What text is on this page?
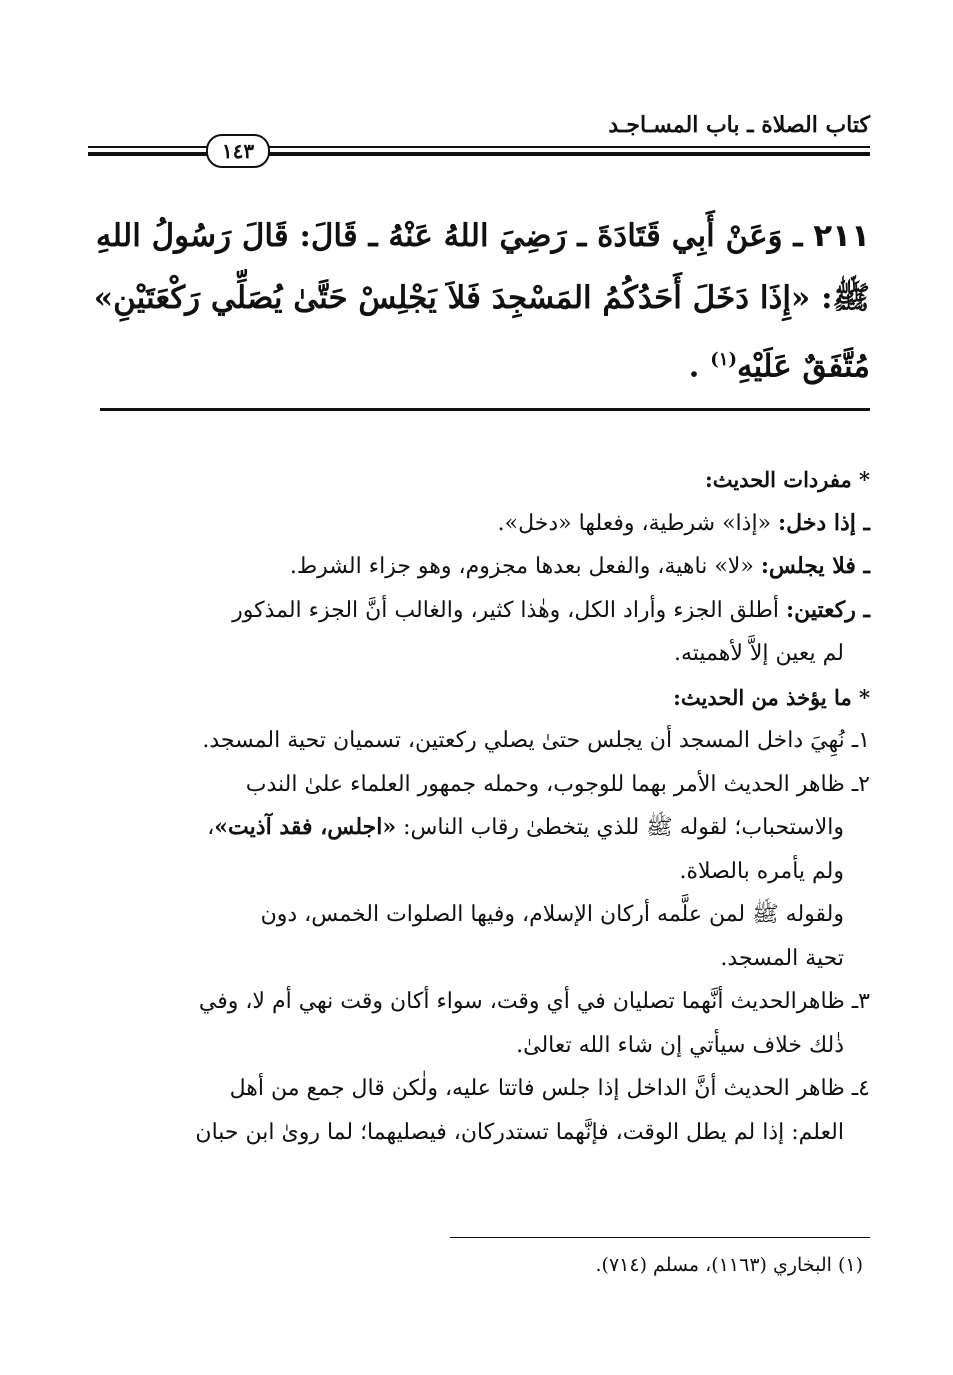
كتاب الصلاة ـ باب المسـاجـد
١٤٣

٢١١ ـ وَعَنْ أَبِي قَتَادَةَ ـ رَضِيَ اللهُ عَنْهُ ـ قَالَ: قَالَ رَسُولُ اللهِ

ﷺ: «إِذَا دَخَلَ أَحَدُكُمُ المَسْجِدَ فَلاَ يَجْلِسْ حَتَّىٰ يُصَلِّي رَكْعَتَيْنِ»

مُتَّفَقٌ عَلَيْهِ$^{(١)}$ .

* مفردات الحديث:

ـ إذا دخل: «إذا» شرطية، وفعلها «دخل».

ـ فلا يجلس: «لا» ناهية، والفعل بعدها مجزوم، وهو جزاء الشرط.

ـ ركعتين: أطلق الجزء وأراد الكل، وهٰذا كثير، والغالب أنَّ الجزء المذكور

لم يعين إلاَّ لأهميته.

* ما يؤخذ من الحديث:

١ـ نُهِيَ داخل المسجد أن يجلس حتىٰ يصلي ركعتين، تسميان تحية المسجد.

٢ـ ظاهر الحديث الأمر بهما للوجوب، وحمله جمهور العلماء علىٰ الندب

والاستحباب؛ لقوله ﷺ للذي يتخطىٰ رقاب الناس: «اجلس، فقد آذيت»،

ولم يأمره بالصلاة.

ولقوله ﷺ لمن علَّمه أركان الإسلام، وفيها الصلوات الخمس، دون

تحية المسجد.

٣ـ ظاهرالحديث أنَّهما تصليان في أي وقت، سواء أكان وقت نهي أم لا، وفي

ذٰلك خلاف سيأتي إن شاء الله تعالىٰ.

٤ـ ظاهر الحديث أنَّ الداخل إذا جلس فاتتا عليه، ولٰكن قال جمع من أهل

العلم: إذا لم يطل الوقت، فإنَّهما تستدركان، فيصليهما؛ لما روىٰ ابن حبان

(١) البخاري (١١٦٣)، مسلم (٧١٤).
